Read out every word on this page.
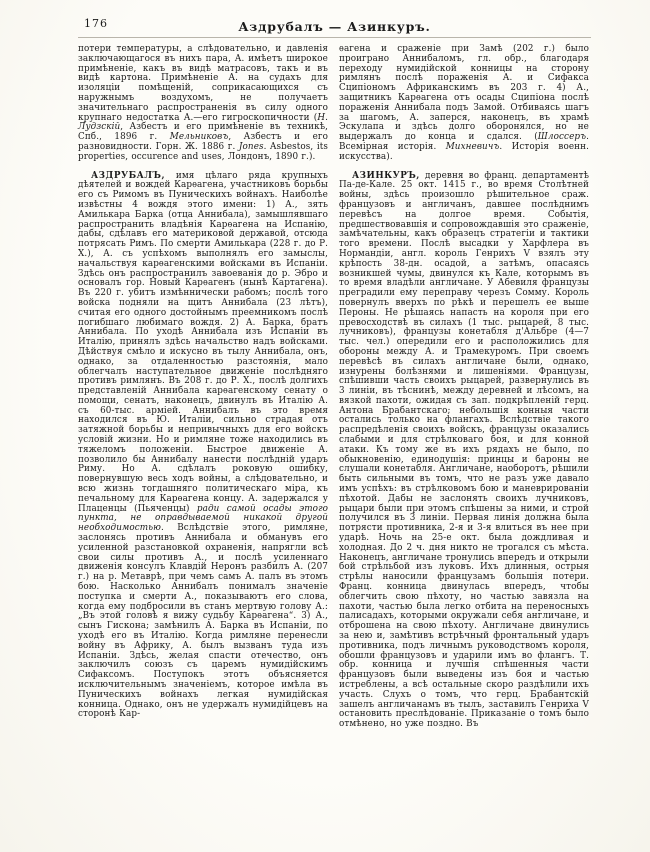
176	Аздрубалъ — Азинкуръ.

потери температуры, а слѣдовательно, и давленія заключающагося въ нихъ пара, А. имѣетъ широкое примѣненіе, какъ въ видѣ матрасовъ, такъ и въ видѣ картона. Примѣненіе А. на судахъ для изоляціи помѣщеній, соприкасающихся съ наружнымъ воздухомъ, не получаетъ значительнаго распространенія въ силу одного крупнаго недостатка А.—его гигроскопичности (Н. Лудзскій, Азбестъ и его примѣненіе въ техникѣ, Спб., 1896 г. Мельниковъ, Азбестъ и его разновидности. Горн. Ж. 1886 г. Jones. Asbestos, its properties, occurence and uses, Лондонъ, 1890 г.).

АЗДРУБАЛЪ, имя цѣлаго ряда крупныхъ дѣятелей и вождей Карѳагена, участниковъ борьбы его съ Римомъ въ Пуническихъ войнахъ. Наиболѣе извѣстны 4 вождя этого имени: 1) А., зять Амилькара Барка (отца Аннибала), замышлявшаго распространить владѣнія Карѳагена на Испанію, дабы, сдѣлавъ его материковой державой, отсюда потрясать Римъ. По смерти Амилькара (228 г. до Р. Х.), А. съ успѣхомъ выполнялъ его замыслы, начальствуя карѳагенскими войсками въ Испаніи. Здѣсь онъ распространилъ завоеванія до р. Эбро и основалъ гор. Новый Карѳагенъ (нынѣ Картагена). Въ 220 г. убитъ измѣннически рабомъ; послѣ того войска подняли на щитъ Аннибала (23 лѣтъ), считая его одного достойнымъ преемникомъ послѣ погибшаго любимаго вождя. 2) А. Барка, братъ Аннибала. По уходѣ Аннибала изъ Испаніи въ Италію, принялъ здѣсь начальство надъ войсками. Дѣйствуя смѣло и искусно въ тылу Аннибала, онъ, однако, за отдаленностью разстоянія, мало облегчалъ наступательное движеніе послѣдняго противъ римлянъ. Въ 208 г. до Р. Х., послѣ долгихъ представленій Аннибала карѳагенскому сенату о помощи, сенатъ, наконецъ, двинулъ въ Италію А. съ 60-тыс. арміей. Аннибалъ въ это время находился въ Ю. Италіи, сильно страдая отъ затяжной борьбы и непривычныхъ для его войскъ условій жизни. Но и римляне тоже находились въ тяжеломъ положеніи. Быстрое движеніе А. позволило бы Аннибалу нанести послѣдній ударъ Риму. Но А. сдѣлалъ роковую ошибку, повернувшую весь ходъ войны, а слѣдовательно, и всю жизнь тогдашняго политическаго міра, къ печальному для Карѳагена концу. А. задержался у Плаценцы (Пьяченцы) ради самой осады этого пункта, не оправдываемой никакой другой необходимостью. Вслѣдствіе этого, римляне, заслонясь противъ Аннибала и обманувъ его усиленной разстановкой охраненія, напрягли всѣ свои силы противъ А., и послѣ усиленнаго движенія консулъ Клавдій Неронъ разбилъ А. (207 г.) на р. Метаврѣ, при чемъ самъ А. палъ въ этомъ бою. Насколько Аннибалъ понималъ значеніе поступка и смерти А., показываютъ его слова, когда ему подбросили въ станъ мертвую голову А.: „Въ этой головѣ я вижу судьбу Карѳагена“. 3) А., сынъ Гискона; замѣнилъ А. Барка въ Испаніи, по уходѣ его въ Италію. Когда римляне перенесли войну въ Африку, А. былъ вызванъ туда изъ Испаніи. Здѣсь, желая спасти отечество, онъ заключилъ союзъ съ царемъ нумидійскимъ Сифаксомъ. Поступокъ этотъ объясняется исключительнымъ значеніемъ, которое имѣла въ Пуническихъ войнахъ легкая нумидійская конница. Однако, онъ не удержалъ нумидійцевъ на сторонѣ Кар-

ѳагена и сраженіе при Замѣ (202 г.) было проиграно Аннибаломъ, гл. обр., благодаря переходу нумидійской конницы на сторону римлянъ послѣ пораженія А. и Сифакса Сципіономъ Африканскимъ въ 203 г. 4) А., защитникъ Карѳагена отъ осады Сципіона послѣ пораженія Аннибала подъ Замой. Отбиваясь шагъ за шагомъ, А. заперся, наконецъ, въ храмѣ Эскулапа и здѣсь долго оборонялся, но не выдержалъ до конца и сдался. (Шлоссеръ. Всемірная исторія. Михневичъ. Исторія военн. искусства).

АЗИНКУРЪ, деревня во франц. департаментѣ Па-де-Кале. 25 окт. 1415 г., во время Столѣтней войны, здѣсь произошло рѣшительное сраж. французовъ и англичанъ, давшее послѣднимъ перевѣсъ на долгое время. Событія, предшествовавшія и сопровождавшія это сраженіе, замѣчательны, какъ образецъ стратегіи и тактики того времени. Послѣ высадки у Харфлера въ Нормандіи, англ. король Генрихъ V взялъ эту крѣпость 38-дн. осадой, а затѣмъ, опасаясь возникшей чумы, двинулся къ Кале, которымъ въ то время владѣли англичане. У Абевиля французы преградили ему переправу черезъ Сомму. Король повернулъ вверхъ по рѣкѣ и перешелъ ее выше Пероны. Не рѣшаясь напасть на короля при его превосходствѣ въ силахъ (1 тыс. рыцарей, 8 тыс. лучниковъ), французы конетабля д'Альбре (4—7 тыс. чел.) опередили его и расположились для обороны между А. и Трамекуромъ. При своемъ перевѣсѣ въ силахъ англичане были, однако, изнурены болѣзнями и лишеніями. Французы, спѣшивши часть своихъ рыцарей, развернулись въ 3 линіи, въ тѣснинѣ, между деревней и лѣсомъ, на вязкой пахоти, ожидая съ зап. подкрѣпленій герц. Антона Брабантскаго; небольшія конныя части остались только на флангахъ. Вслѣдствіе такого распредѣленія своихъ войскъ, французы оказались слабыми и для стрѣлковаго боя, и для конной атаки. Къ тому же въ ихъ рядахъ не было, по обыкновенію, единодушія: принцы и бароны не слушали конетабля. Англичане, наоборотъ, рѣшили быть сильными въ томъ, что не разъ уже давало имъ успѣхъ: въ стрѣлковомъ бою и маневрированіи пѣхотой. Дабы не заслонять своихъ лучниковъ, рыцари были при этомъ спѣшены за ними, и строй получился въ 3 линіи. Первая линія должна была потрясти противника, 2-я и 3-я влиться въ нее при ударѣ. Ночь на 25-е окт. была дождливая и холодная. До 2 ч. дня никто не трогался съ мѣста. Наконецъ, англичане тронулись впередъ и открыли бой стрѣльбой изъ луковъ. Ихъ длинныя, острыя стрѣлы наносили французамъ большія потери. Франц. конница двинулась впередъ, чтобы облегчить свою пѣхоту, но частью завязла на пахоти, частью была легко отбита на переносныхъ палисадахъ, которыми окружали себя англичане, и отброшена на свою пѣхоту. Англичане двинулись за нею и, замѣтивъ встрѣчный фронтальный ударъ противника, подъ личнымъ руководствомъ короля, обошли французовъ и ударили имъ во флангъ. Т. обр. конница и лучшія спѣшенныя части французовъ были выведены изъ боя и частью истреблены, а всѣ остальные скоро раздѣлили ихъ участь. Слухъ о томъ, что герц. Брабантскій зашелъ англичанамъ въ тылъ, заставилъ Генриха V остановить преслѣдованіе. Приказаніе о томъ было отмѣнено, но уже поздно. Въ
